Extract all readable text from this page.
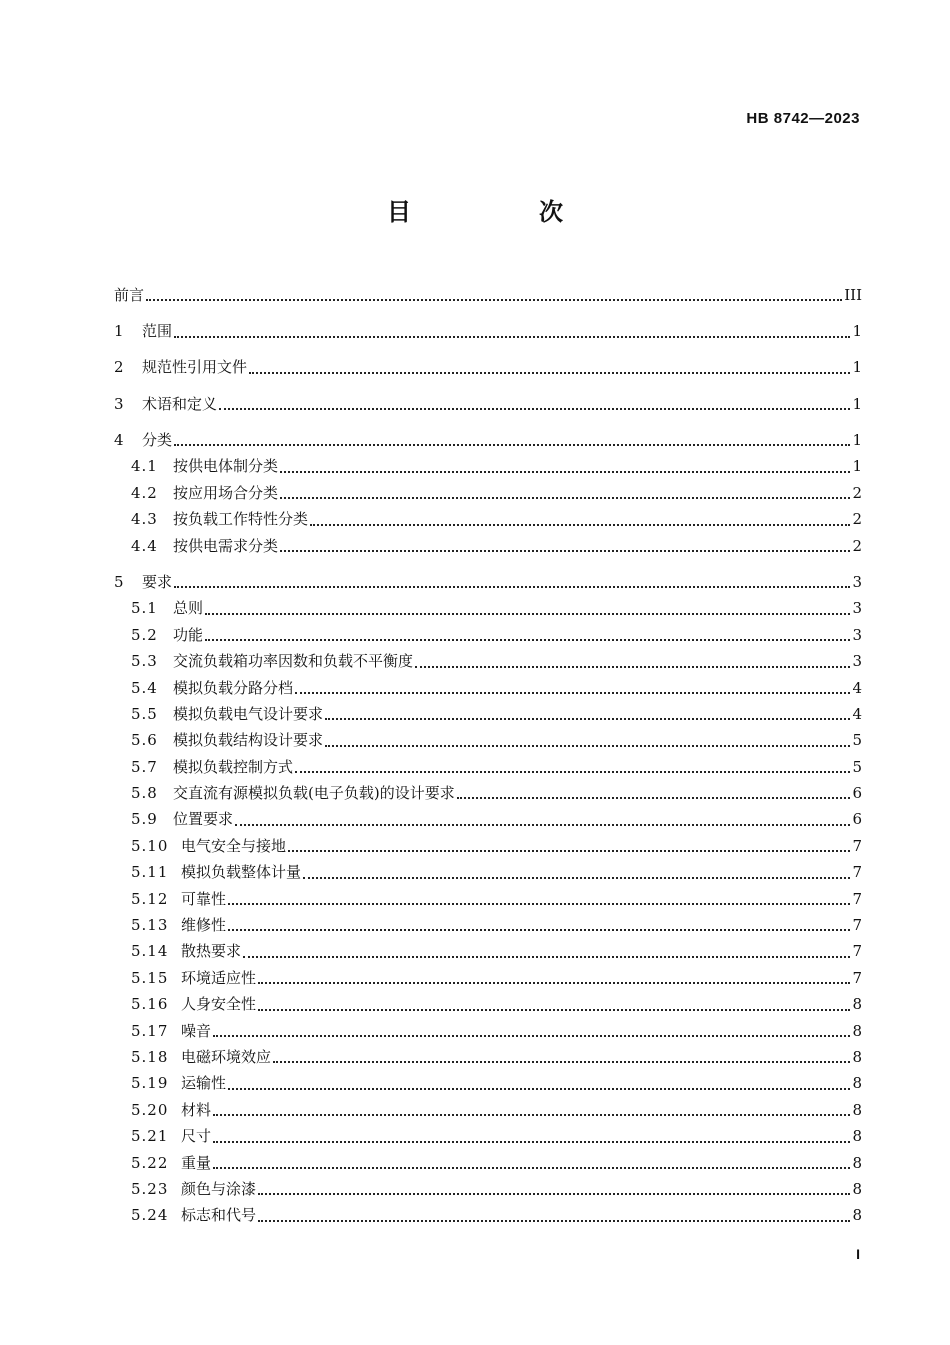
HB 8742—2023
目　次
前言	III
1	范围	1
2	规范性引用文件	1
3	术语和定义	1
4	分类	1
4.1	按供电体制分类	1
4.2	按应用场合分类	2
4.3	按负载工作特性分类	2
4.4	按供电需求分类	2
5	要求	3
5.1	总则	3
5.2	功能	3
5.3	交流负载箱功率因数和负载不平衡度	3
5.4	模拟负载分路分档	4
5.5	模拟负载电气设计要求	4
5.6	模拟负载结构设计要求	5
5.7	模拟负载控制方式	5
5.8	交直流有源模拟负载(电子负载)的设计要求	6
5.9	位置要求	6
5.10 电气安全与接地	7
5.11 模拟负载整体计量	7
5.12 可靠性	7
5.13 维修性	7
5.14 散热要求	7
5.15 环境适应性	7
5.16 人身安全性	8
5.17 噪音	8
5.18 电磁环境效应	8
5.19 运输性	8
5.20 材料	8
5.21 尺寸	8
5.22 重量	8
5.23 颜色与涂漆	8
5.24 标志和代号	8
I
